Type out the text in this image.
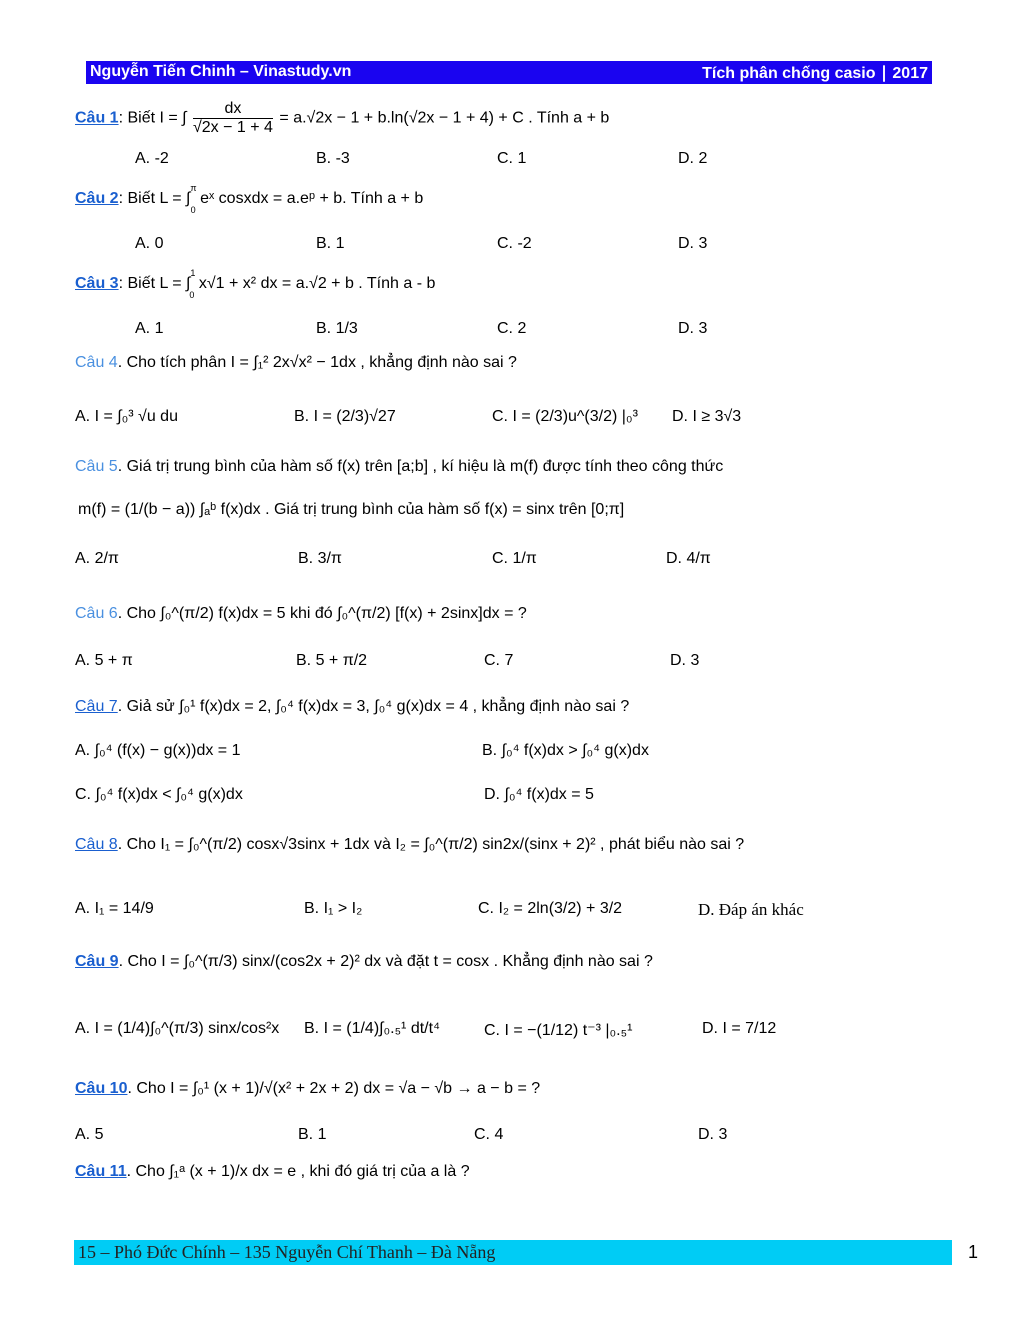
Nguyễn Tiến Chinh – Vinastudy.vn	Tích phân chống casio ∣ 2017
Câu 1: Biết I = ∫ $\frac{dx}{√2x - 1 + 4} = a.√2x - 1 + b.\ln(√2x - 1 + 4) + C$ . Tính a + b
A. -2	B. -3	C. 1	D. 2
Câu 2: Biết L = ∫$^\pi_0$ eˣ cosxdx = a.eᵖ + b. Tính a + b
A. 0	B. 1	C. -2	D. 3
Câu 3: Biết L = ∫$^1_0$ x√1 + x² dx = a.√2 + b . Tính a - b
A. 1	B. 1/3	C. 2	D. 3
Câu 4. Cho tích phân I = ∫₁² 2x√x² − 1dx , khẳng định nào sai ?
A. I = ∫₀³ √u du	B. I = (2/3)√27	C. I = (2/3)u^(3/2) |₀³ D. I ≥ 3√3
Câu 5. Giá trị trung bình của hàm số f(x) trên [a;b] , kí hiệu là m(f) được tính theo công thức
m(f) = (1/(b − a)) ∫ₐᵇ f(x)dx . Giá trị trung bình của hàm số f(x) = sinx trên [0;π]
A. 2/π	B. 3/π	C. 1/π	D. 4/π
Câu 6. Cho ∫₀^(π/2) f(x)dx = 5 khi đó ∫₀^(π/2) [f(x) + 2sinx]dx = ?
A. 5 + π	B. 5 + π/2	C. 7	D. 3
Câu 7. Giả sử ∫₀¹ f(x)dx = 2, ∫₀⁴ f(x)dx = 3, ∫₀⁴ g(x)dx = 4 , khẳng định nào sai ?
A. ∫₀⁴ (f(x) − g(x))dx = 1	B. ∫₀⁴ f(x)dx > ∫₀⁴ g(x)dx
C. ∫₀⁴ f(x)dx < ∫₀⁴ g(x)dx	D. ∫₀⁴ f(x)dx = 5
Câu 8. Cho I₁ = ∫₀^(π/2) cosx√3sinx + 1dx và I₂ = ∫₀^(π/2) sin2x/(sinx + 2)² , phát biểu nào sai ?
A. I₁ = 14/9	B. I₁ > I₂	C. I₂ = 2ln(3/2) + 3/2	D. Đáp án khác
Câu 9. Cho I = ∫₀^(π/3) sinx/(cos2x + 2)² dx và đặt t = cosx . Khẳng định nào sai ?
A. I = (1/4)∫₀^(π/3) sinx/cos²x B. I = (1/4)∫₀.₅¹ dt/t⁴	C. I = −(1/12) t⁻³ |₀.₅¹	D. I = 7/12
Câu 10. Cho I = ∫₀¹ (x + 1)/√(x² + 2x + 2) dx = √a − √b → a − b = ?
A. 5	B. 1	C. 4	D. 3
Câu 11. Cho ∫₁ᵃ (x + 1)/x dx = e , khi đó giá trị của a là ?
15 – Phó Đức Chính – 135 Nguyễn Chí Thanh – Đà Nẵng	1
